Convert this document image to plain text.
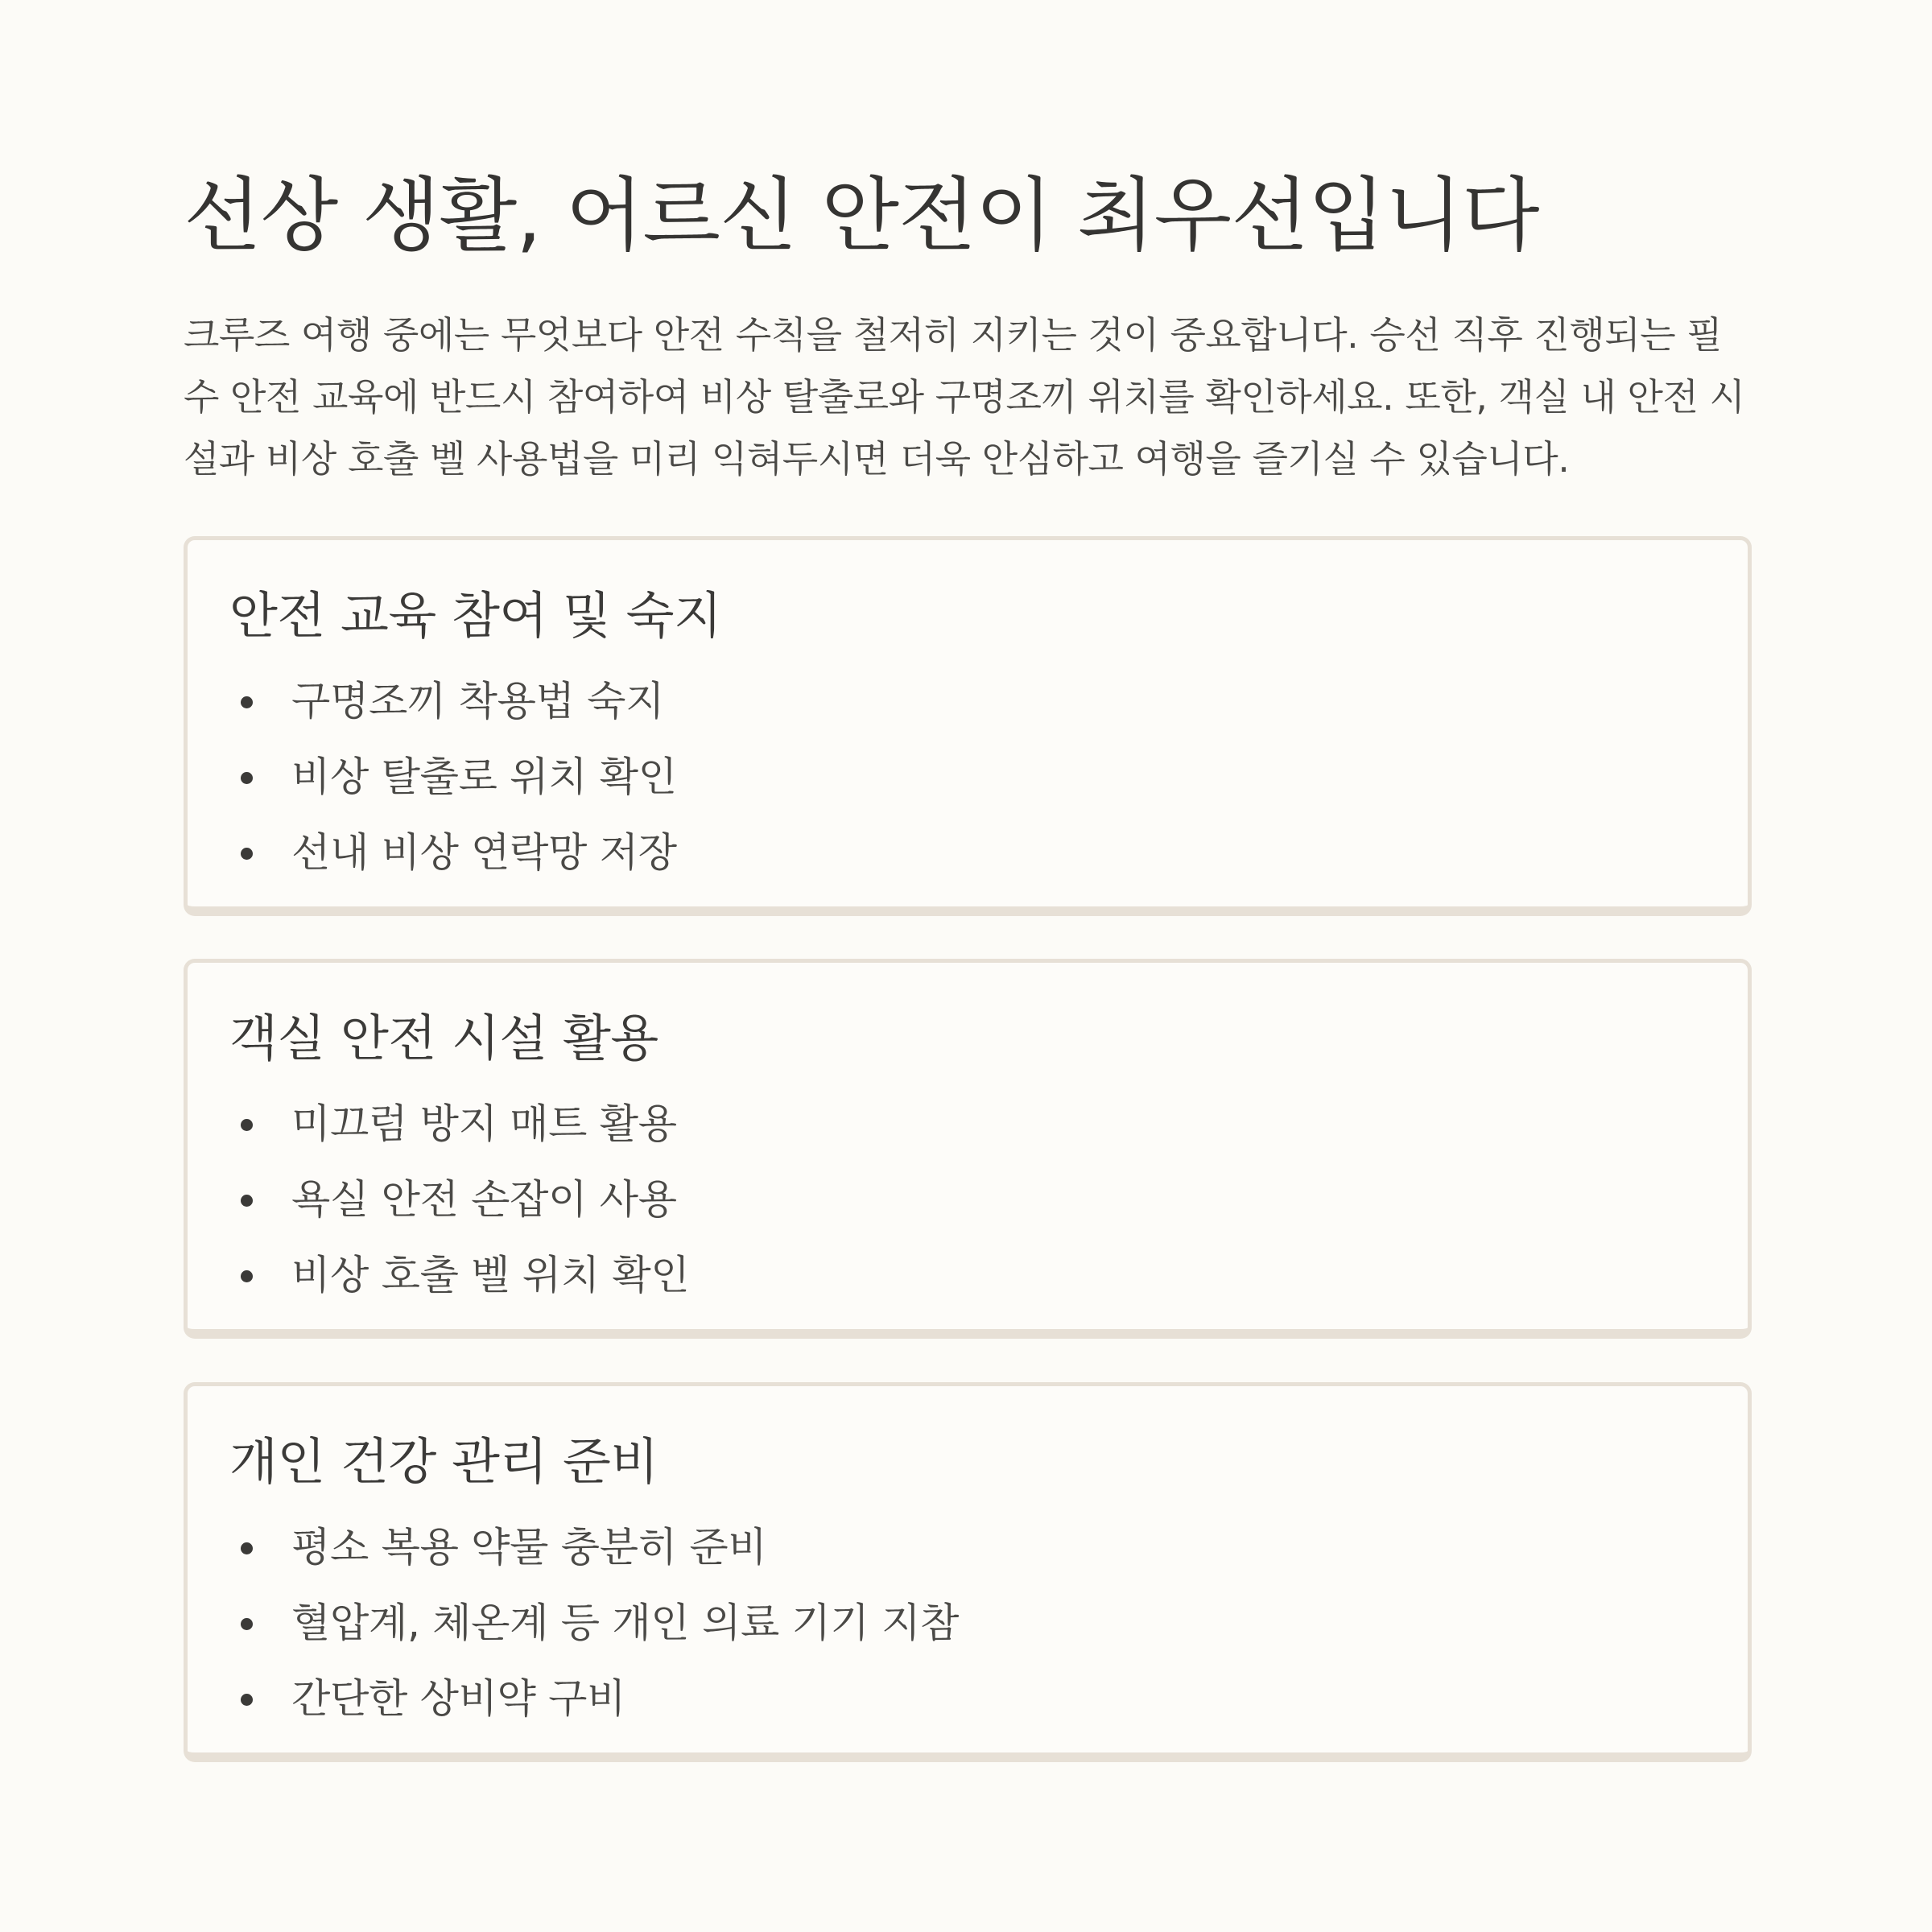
선상 생활, 어르신 안전이 최우선입니다

크루즈 여행 중에는 무엇보다 안전 수칙을 철저히 지키는 것이 중요합니다. 승선 직후 진행되는 필수 안전 교육에 반드시 참여하여 비상 탈출로와 구명조끼 위치를 확인하세요. 또한, 객실 내 안전 시설과 비상 호출 벨 사용법을 미리 익혀두시면 더욱 안심하고 여행을 즐기실 수 있습니다.

안전 교육 참여 및 숙지
구명조끼 착용법 숙지
비상 탈출로 위치 확인
선내 비상 연락망 저장
객실 안전 시설 활용
미끄럼 방지 매트 활용
욕실 안전 손잡이 사용
비상 호출 벨 위치 확인
개인 건강 관리 준비
평소 복용 약물 충분히 준비
혈압계, 체온계 등 개인 의료 기기 지참
간단한 상비약 구비
